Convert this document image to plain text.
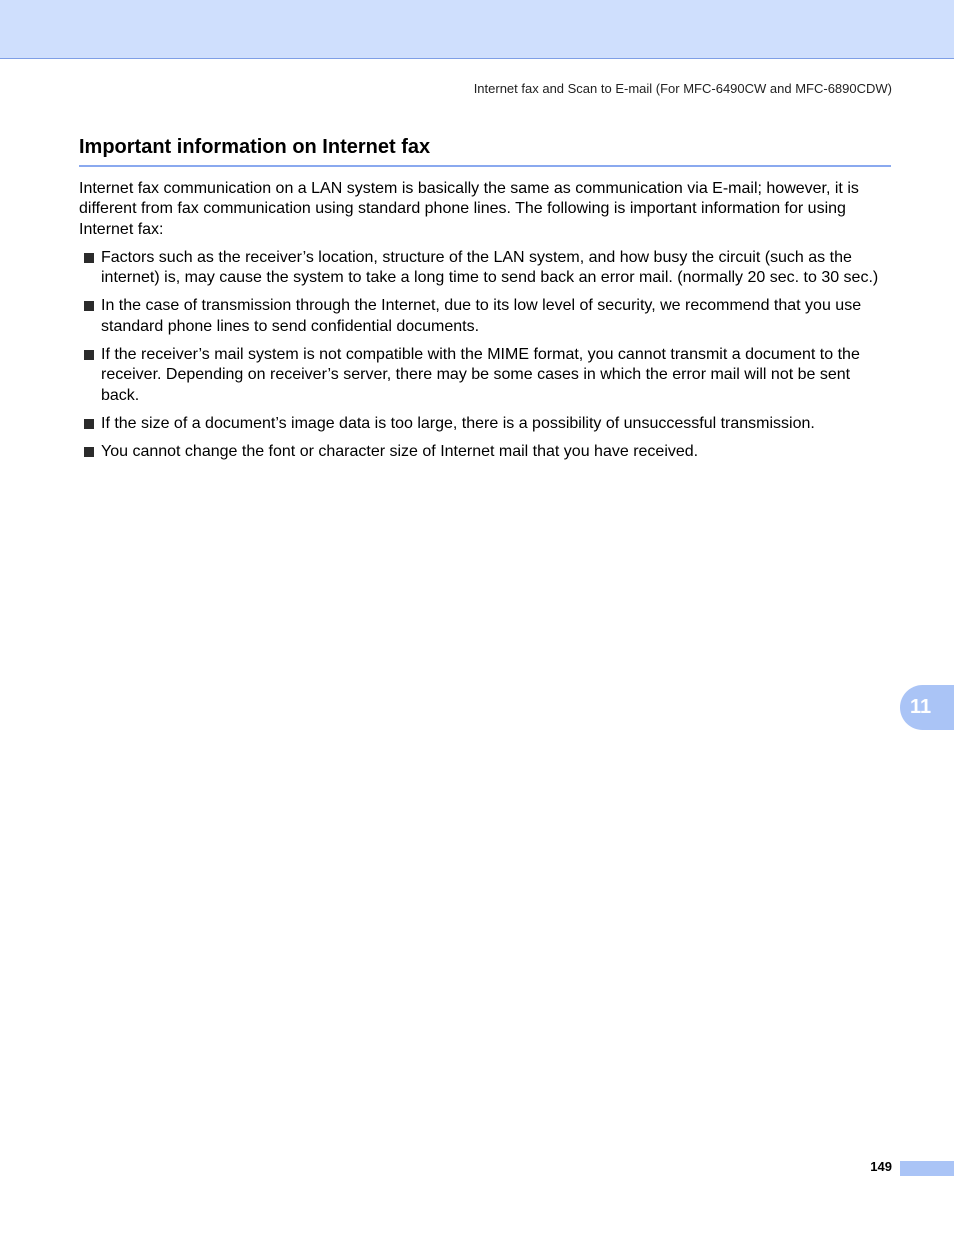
Internet fax and Scan to E-mail (For MFC-6490CW and MFC-6890CDW)
Important information on Internet fax

Internet fax communication on a LAN system is basically the same as communication via E-mail; however, it is different from fax communication using standard phone lines. The following is important information for using Internet fax:

Factors such as the receiver’s location, structure of the LAN system, and how busy the circuit (such as the internet) is, may cause the system to take a long time to send back an error mail. (normally 20 sec. to 30 sec.)
In the case of transmission through the Internet, due to its low level of security, we recommend that you use standard phone lines to send confidential documents.
If the receiver’s mail system is not compatible with the MIME format, you cannot transmit a document to the receiver. Depending on receiver’s server, there may be some cases in which the error mail will not be sent back.
If the size of a document’s image data is too large, there is a possibility of unsuccessful transmission.
You cannot change the font or character size of Internet mail that you have received.
11
149
